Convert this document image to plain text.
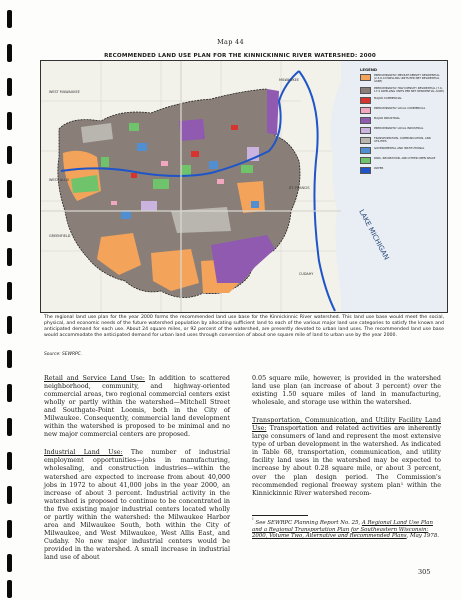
Map 44
RECOMMENDED LAND USE PLAN FOR THE KINNICKINNIC RIVER WATERSHED: 2000
LAKE MICHIGAN
MILWAUKEE
WEST MILWAUKEE
ST. FRANCIS
GREENFIELD
CUDAHY
WEST ALLIS
LEGEND
PREDOMINANTLY MEDIUM DENSITY RESIDENTIAL (2.3-6.9 DWELLING UNITS PER NET RESIDENTIAL ACRE)
PREDOMINANTLY HIGH DENSITY RESIDENTIAL (7.0-17.9 DWELLING UNITS PER NET RESIDENTIAL ACRE)
MAJOR COMMERCIAL
PREDOMINANTLY LOCAL COMMERCIAL
MAJOR INDUSTRIAL
PREDOMINANTLY LOCAL INDUSTRIAL
TRANSPORTATION, COMMUNICATION, AND UTILITIES
GOVERNMENTAL AND INSTITUTIONAL
PARK, RECREATION, AND OTHER OPEN SPACE
WATER
The regional land use plan for the year 2000 forms the recommended land use base for the Kinnickinnic River watershed. This land use base would meet the social, physical, and economic needs of the future watershed population by allocating sufficient land to each of the various major land use categories to satisfy the known and anticipated demand for each use. About 24 square miles, or 92 percent of the watershed, are presently devoted to urban land uses. The recommended land use base would accommodate the anticipated demand for urban land uses through conversion of about one square mile of land to urban use by the year 2000.
Source: SEWRPC.

Retail and Service Land Use: In addition to scattered neighborhood, community, and highway-oriented commercial areas, two regional commercial centers exist wholly or partly within the watershed—Mitchell Street and Southgate-Point Loomis, both in the City of Milwaukee. Consequently, commercial land development within the watershed is proposed to be minimal and no new major commercial centers are proposed.

Industrial Land Use: The number of industrial employment opportunities—jobs in manufacturing, wholesaling, and construction industries—within the watershed are expected to increase from about 40,000 jobs in 1972 to about 41,000 jobs in the year 2000, an increase of about 3 percent. Industrial activity in the watershed is proposed to continue to be concentrated in the five existing major industrial centers located wholly or partly within the watershed: the Milwaukee Harbor area and Milwaukee South, both within the City of Milwaukee, and West Milwaukee, West Allis East, and Cudahy. No new major industrial centers would be provided in the watershed. A small increase in industrial land use of about

0.05 square mile, however, is provided in the watershed land use plan (an increase of about 3 percent) over the existing 1.50 square miles of land in manufacturing, wholesale, and storage use within the watershed.

Transportation, Communication, and Utility Facility Land Use: Transportation and related activities are inherently large consumers of land and represent the most extensive type of urban development in the watershed. As indicated in Table 68, transportation, communication, and utility facility land uses in the watershed may be expected to increase by about 0.28 square mile, or about 3 percent, over the plan design period. The Commission's recommended regional freeway system plan¹ within the Kinnickinnic River watershed recom-

$^{^1}$ See SEWRPC Planning Report No. 25, A Regional Land Use Plan and a Regional Transportation Plan for Southeastern Wisconsin: 2000, Volume Two, Alternative and Recommended Plans, May 1978.
305
